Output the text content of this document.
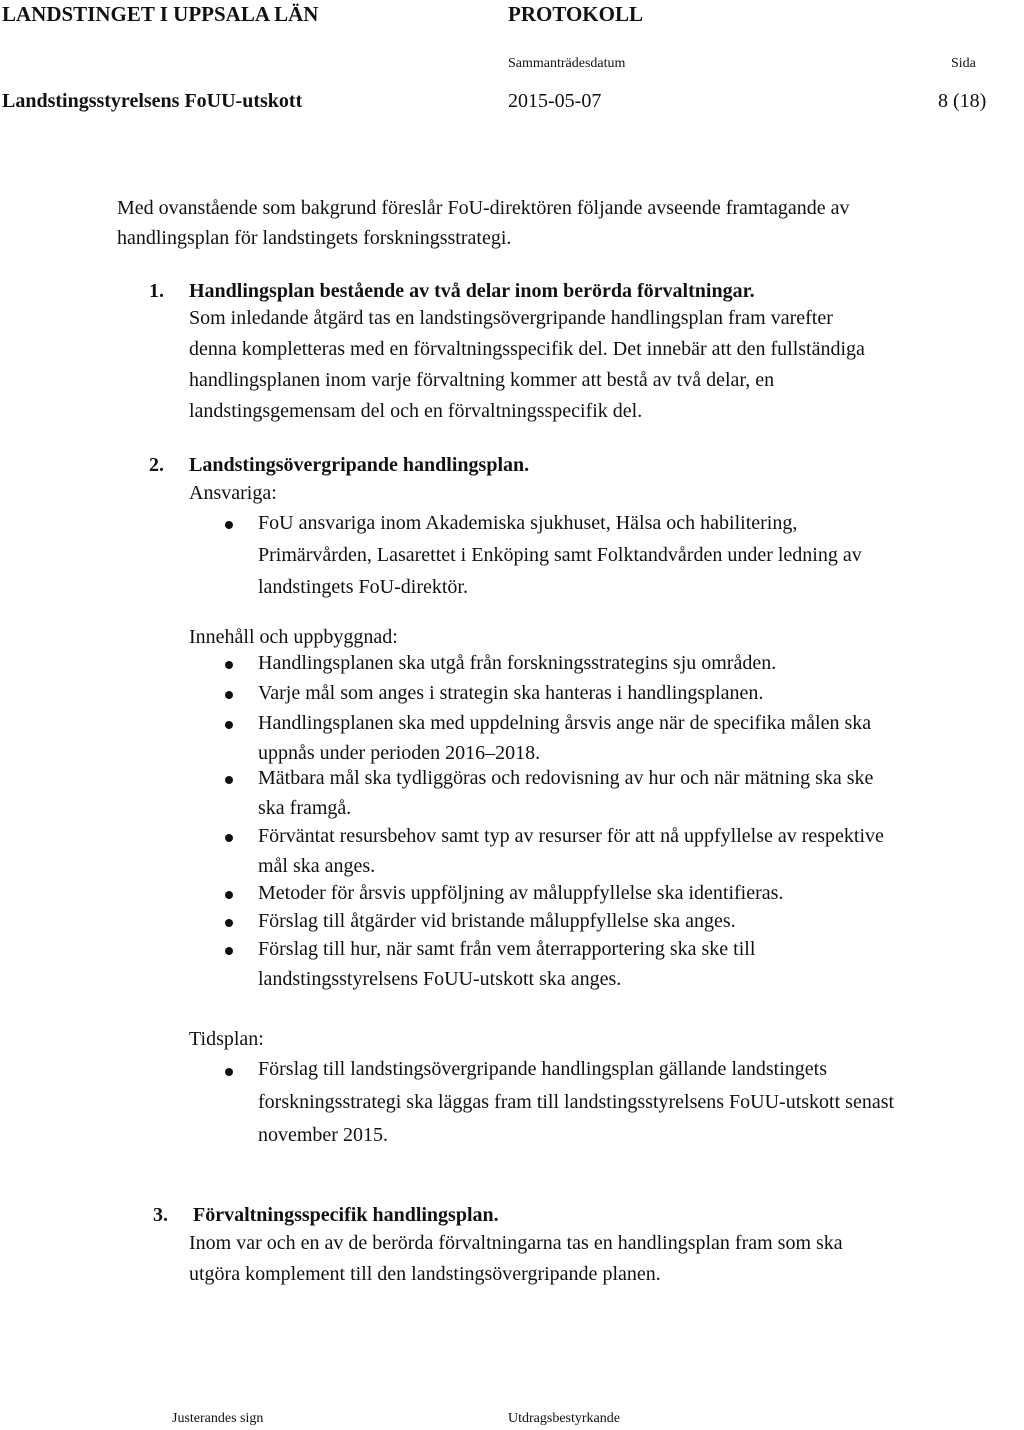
LANDSTINGET I UPPSALA LÄN	PROTOKOLL
Sammanträdesdatum	Sida
Landstingsstyrelsens FoUU-utskott	2015-05-07	8 (18)
Med ovanstående som bakgrund föreslår FoU-direktören följande avseende framtagande av
handlingsplan för landstingets forskningsstrategi.
1. Handlingsplan bestående av två delar inom berörda förvaltningar.
Som inledande åtgärd tas en landstingsövergripande handlingsplan fram varefter
denna kompletteras med en förvaltningsspecifik del. Det innebär att den fullständiga
handlingsplanen inom varje förvaltning kommer att bestå av två delar, en
landstingsgemensam del och en förvaltningsspecifik del.
2. Landstingsövergripande handlingsplan.
Ansvariga:
FoU ansvariga inom Akademiska sjukhuset, Hälsa och habilitering,
Primärvården, Lasarettet i Enköping samt Folktandvården under ledning av
landstingets FoU-direktör.
Innehåll och uppbyggnad:
Handlingsplanen ska utgå från forskningsstrategins sju områden.
Varje mål som anges i strategin ska hanteras i handlingsplanen.
Handlingsplanen ska med uppdelning årsvis ange när de specifika målen ska
uppnås under perioden 2016–2018.
Mätbara mål ska tydliggöras och redovisning av hur och när mätning ska ske
ska framgå.
Förväntat resursbehov samt typ av resurser för att nå uppfyllelse av respektive
mål ska anges.
Metoder för årsvis uppföljning av måluppfyllelse ska identifieras.
Förslag till åtgärder vid bristande måluppfyllelse ska anges.
Förslag till hur, när samt från vem återrapportering ska ske till
landstingsstyrelsens FoUU-utskott ska anges.
Tidsplan:
Förslag till landstingsövergripande handlingsplan gällande landstingets
forskningsstrategi ska läggas fram till landstingsstyrelsens FoUU-utskott senast
november 2015.
3. Förvaltningsspecifik handlingsplan.
Inom var och en av de berörda förvaltningarna tas en handlingsplan fram som ska
utgöra komplement till den landstingsövergripande planen.
Justerandes sign	Utdragsbestyrkande
